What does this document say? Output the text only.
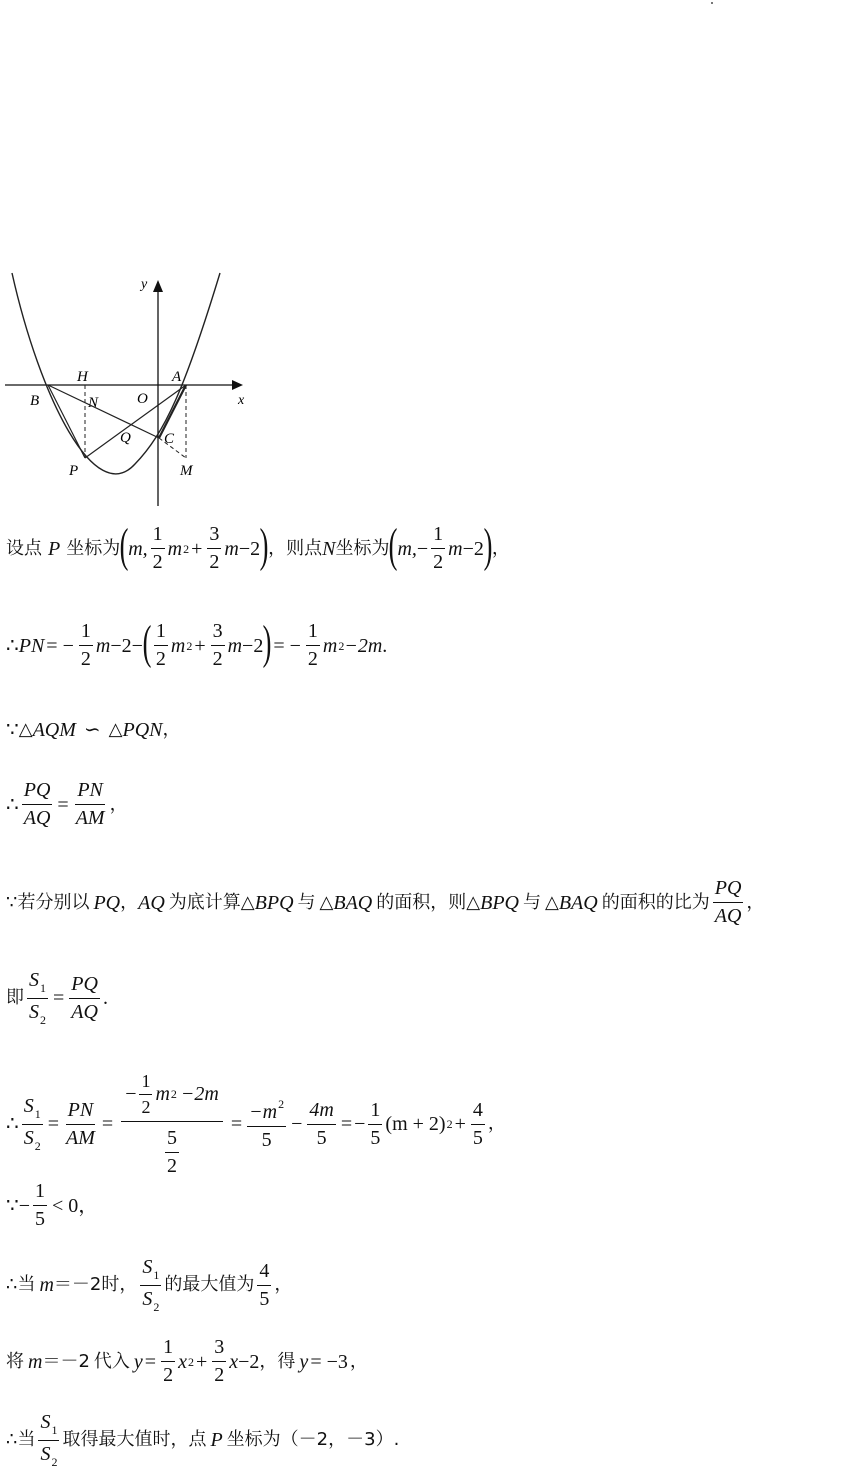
y
x
H	A
B	N	O
Q C
P	M
设点 P 坐标为 ( m, $\frac{1}{2}$ m $2 + \frac{3}{2}$ m −2 ) ，则点 N 坐标为 ( m, − $\frac{1}{2}$ m −2 ) ，
∴ PN = − $\frac{1}{2}$ m −2− ( $\frac{1}{2}$ m $2 + \frac{3}{2}$ m −2 ) = − $\frac{1}{2}$ m 2 −2m .
∵ △ AQM ∽ △ PQN ，
∴ $\frac{PQ}{AQ} = \frac{PN}{AM}$ ，
∵若分别以 PQ ， AQ 为底计算 △ BPQ 与 △ BAQ 的面积，则 △ BPQ 与 △ BAQ 的面积的比为 $\frac{PQ}{AQ}$ ，
即 $\frac{S_1}{S_2} = \frac{PQ}{AQ}$ .
∴ $\frac{S_1}{S_2} = \frac{PN}{AM} = \frac{- \frac{1}{2} m 2 -2m}{\frac{5}{2}} = \frac{-m^2}{5} - \frac{4m}{5}$ = − $\frac{1}{5} (m + 2) 2 + \frac{4}{5}$ ，
∵− $\frac{1}{5} < 0$，
∴当 m ＝－2 时， $\frac{S_1}{S_2}$ 的最大值为 $\frac{4}{5}$ ，
将 m ＝－2 代入 $y = \frac{1}{2}$ x $2 + \frac{3}{2}$ x −2 ，得 y = −3 ，
∴当 $\frac{S_1}{S_2}$ 取得最大值时，点 P 坐标为（－2，－3）.
